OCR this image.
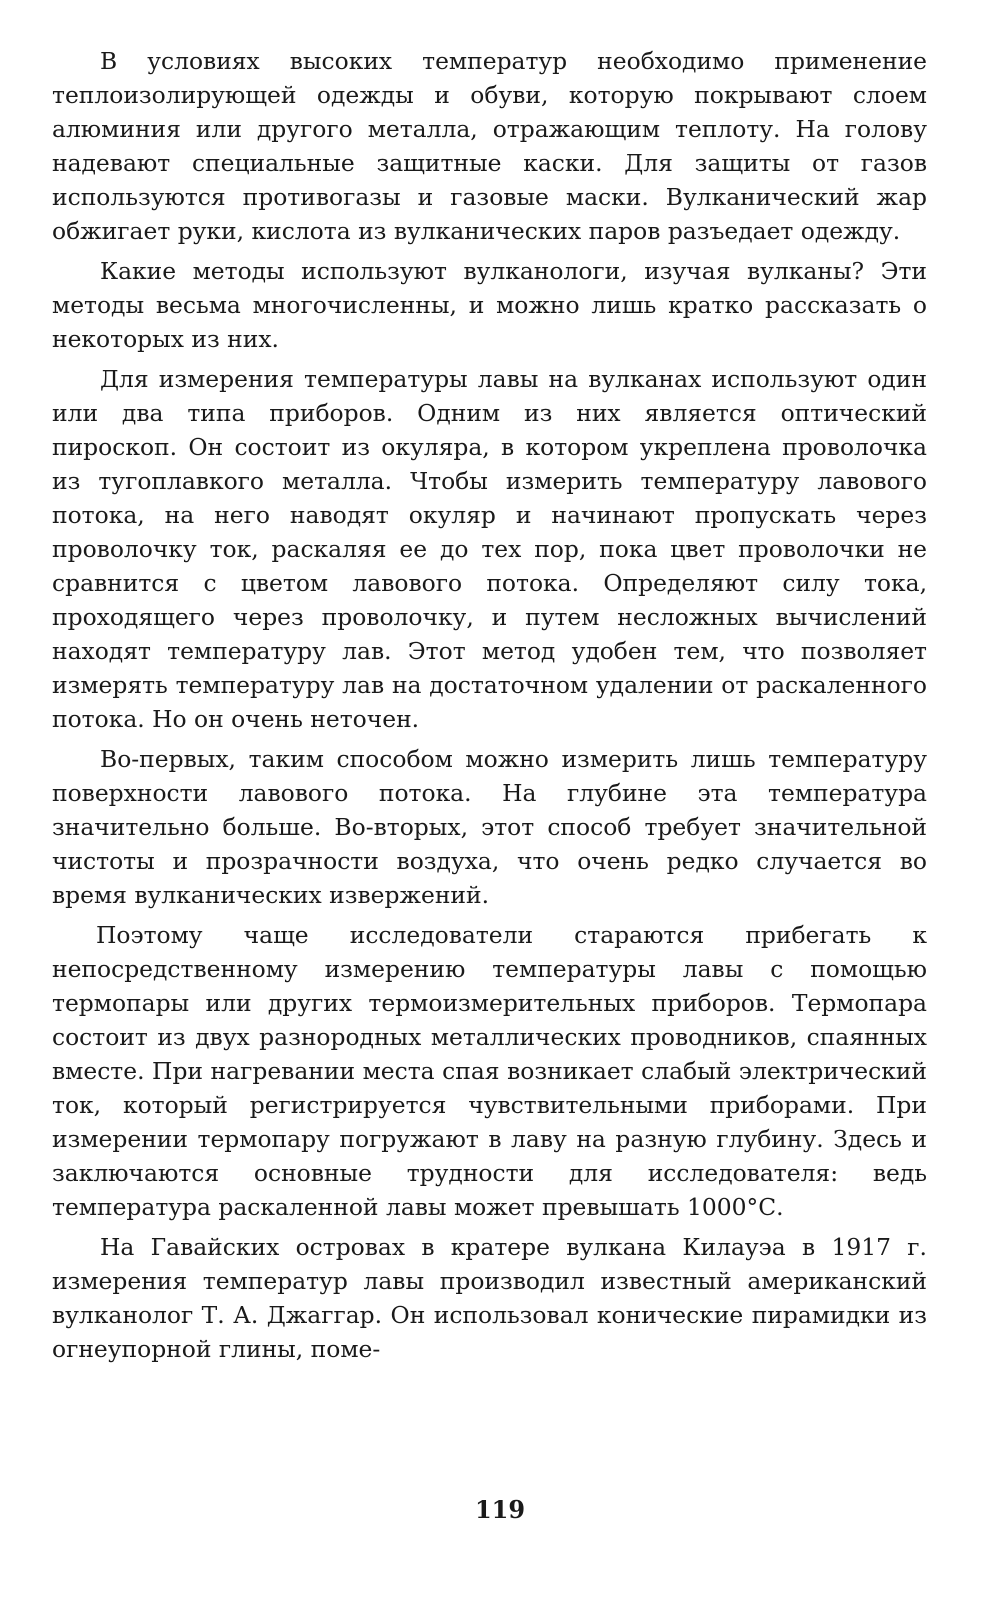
В условиях высоких температур необходимо применение теплоизолирующей одежды и обуви, которую покрывают слоем алюминия или другого металла, отражающим теплоту. На голову надевают специальные защитные каски. Для защиты от газов используются противогазы и газовые маски. Вулканический жар обжигает руки, кислота из вулканических паров разъедает одежду.

Какие методы используют вулканологи, изучая вулканы? Эти методы весьма многочисленны, и можно лишь кратко рассказать о некоторых из них.

Для измерения температуры лавы на вулканах используют один или два типа приборов. Одним из них является оптический пироскоп. Он состоит из окуляра, в котором укреплена проволочка из тугоплавкого металла. Чтобы измерить температуру лавового потока, на него наводят окуляр и начинают пропускать через проволочку ток, раскаляя ее до тех пор, пока цвет проволочки не сравнится с цветом лавового потока. Определяют силу тока, проходящего через проволочку, и путем несложных вычислений находят температуру лав. Этот метод удобен тем, что позволяет измерять температуру лав на достаточном удалении от раскаленного потока. Но он очень неточен.

Во-первых, таким способом можно измерить лишь температуру поверхности лавового потока. На глубине эта температура значительно больше. Во-вторых, этот способ требует значительной чистоты и прозрачности воздуха, что очень редко случается во время вулканических извержений.

Поэтому чаще исследователи стараются прибегать к непосредственному измерению температуры лавы с помощью термопары или других термоизмерительных приборов. Термопара состоит из двух разнородных металлических проводников, спаянных вместе. При нагревании места спая возникает слабый электрический ток, который регистрируется чувствительными приборами. При измерении термопару погружают в лаву на разную глубину. Здесь и заключаются основные трудности для исследователя: ведь температура раскаленной лавы может превышать 1000°С.

На Гавайских островах в кратере вулкана Килауэа в 1917 г. измерения температур лавы производил известный американский вулканолог Т. А. Джаггар. Он использовал конические пирамидки из огнеупорной глины, поме-

119
